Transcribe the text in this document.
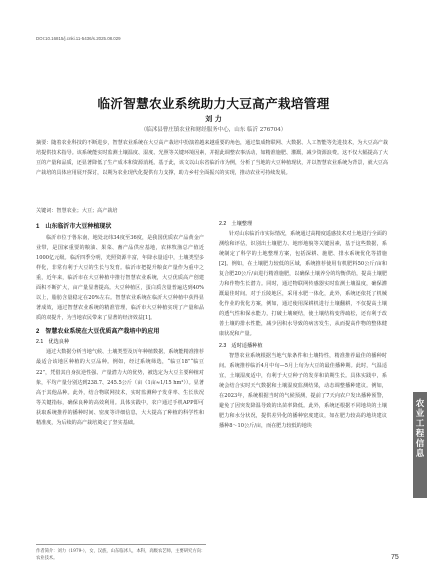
DOI:10.16815/j.cnki.11-5436/s.2025.08.029
临沂智慧农业系统助力大豆高产栽培管理
刘 力
（临沭县曹庄镇农业和财经服务中心，山东 临沂 276704）

摘要：随着农业科技的不断进步，智慧农业系统在大豆高产栽培中扮演着越来越重要的角色，通过集成物联网、大数据、人工智能等先进技术，为大豆高产栽培提供技术指导。该系统能实时监测土壤温度、湿度、光照等关键环境因素，并据此调整农事活动，如精准施肥、灌溉，减少资源浪费。这不仅大幅提高了大豆的产量和品质，还显著降低了生产成本和资源消耗。基于此，该文以山东省临沂市为例，分析了当地的大豆种植现状，并以智慧农业系统为背景，就大豆高产栽培的具体应用展开探讨，以期为农业现代化提供有力支撑，助力乡村全面振兴的实现，推动农业可持续发展。

关键词：智慧农业；大豆；高产栽培
1　山东临沂市大豆种植现状

临沂市位于鲁东南，地处北纬34度至36度，是我国优质农产品黄金产业带，是国家重要的粮油、果菜、畜产品供应基地，农林牧渔总产值近1000亿元级。临沂四季分明，光照资源丰富，年降水量适中，土壤类型多样化，非常有利于大豆的生长与发育。临沂市把提升粮食产量作为重中之重，近年来，临沂市在大豆种植中推行智慧农业系统，大豆优质高产创建面积不断扩大，亩产量显著提高。大豆种植区，蛋白质含量普遍达到40%以上，脂肪含量稳定在20%左右。智慧农业系统在临沂大豆种植中获得显著成效，通过智慧农业系统的精准管理，临沂市大豆种植实现了产量和品质的双提升，为当地农民带来了显著的经济效益[1]。

2　智慧农业系统在大豆优质高产栽培中的应用
2.1　优选良种

通过大数据分析当地气候、土壤类型及历年种植数据，系统能精准推荐最适合该地区种植的大豆品种。例如，经过系统筛选，“临豆18”“临豆22”，凭借其自身抗逆性强、产量潜力大的优势，被选定为大豆主要种植对象，平均产量分别达到238.7、245.5公斤（亩（1亩≈1/15 hm²））。显著高于其他品种。此外，结合物联网技术，实时监测种子发芽率、生长状况等关键指标，确保良种的高效利用。具体实践中，农户通过手机APP即可获取系统推荐的播种时间、密度等详细信息，大大提高了种植的科学性和精准度，为后续的高产栽培奠定了坚实基础。

2.2　土壤整理

针对山东临沂市实际情况，系统通过高精度遥感技术对土地进行全面的测绘和评估，识别出土壤肥力、地形地貌等关键因素，基于这些数据，系统制定了科学的土地整理方案，包括深耕、施肥、排水系统优化等措施[2]。例如，在土壤肥力较低的区域，系统推荐使用有机肥料50公斤/亩和复合肥20公斤/亩进行精准施肥，以确保土壤养分的均衡供给，提高土壤肥力和作物生长潜力。同时，通过物联网传感器实时监测土壤温度，确保灌溉最佳时间。对于丘陵地区，采用水肥一体化，此外，系统还依托了机械化作业的优化方案，例如，通过使用深耕机进行土壤翻耕，不仅提高土壤的透气性和保水能力，打破土壤硬结，使土壤结构变得疏松，还有利于改善土壤的排水性能，减少因积水导致的病害发生，从而提高作物的整体健康状况和产量。

2.3　适时适播种植

智慧农业系统根据当地气象条件和土壤特性，精准推荐最佳的播种时间。系统推荐临沂4月中旬—5月上旬为大豆的最佳播种期。此时，气温适宜，土壤湿度适中，有利于大豆种子的发芽和苗期生长。具体实践中，系统会结合实时天气数据和土壤湿度监测结果，动态调整播种建议。例如，在2023年，系统根据当时的气候预测，提前了7天向农户发出播种预警，避免了因突发降温导致的出苗率降低。此外，系统还根据不同地块的土壤肥力和水分状况，提供差异化的播种密度建议，如在肥力较高的地块建议播种8～10公斤/亩，而在肥力较低的地块

作者简介：刘力（1979-），女，汉族，山东临沭人，本科，高级农艺师，主要研究方向：农业技术。
农业工程信息
75
